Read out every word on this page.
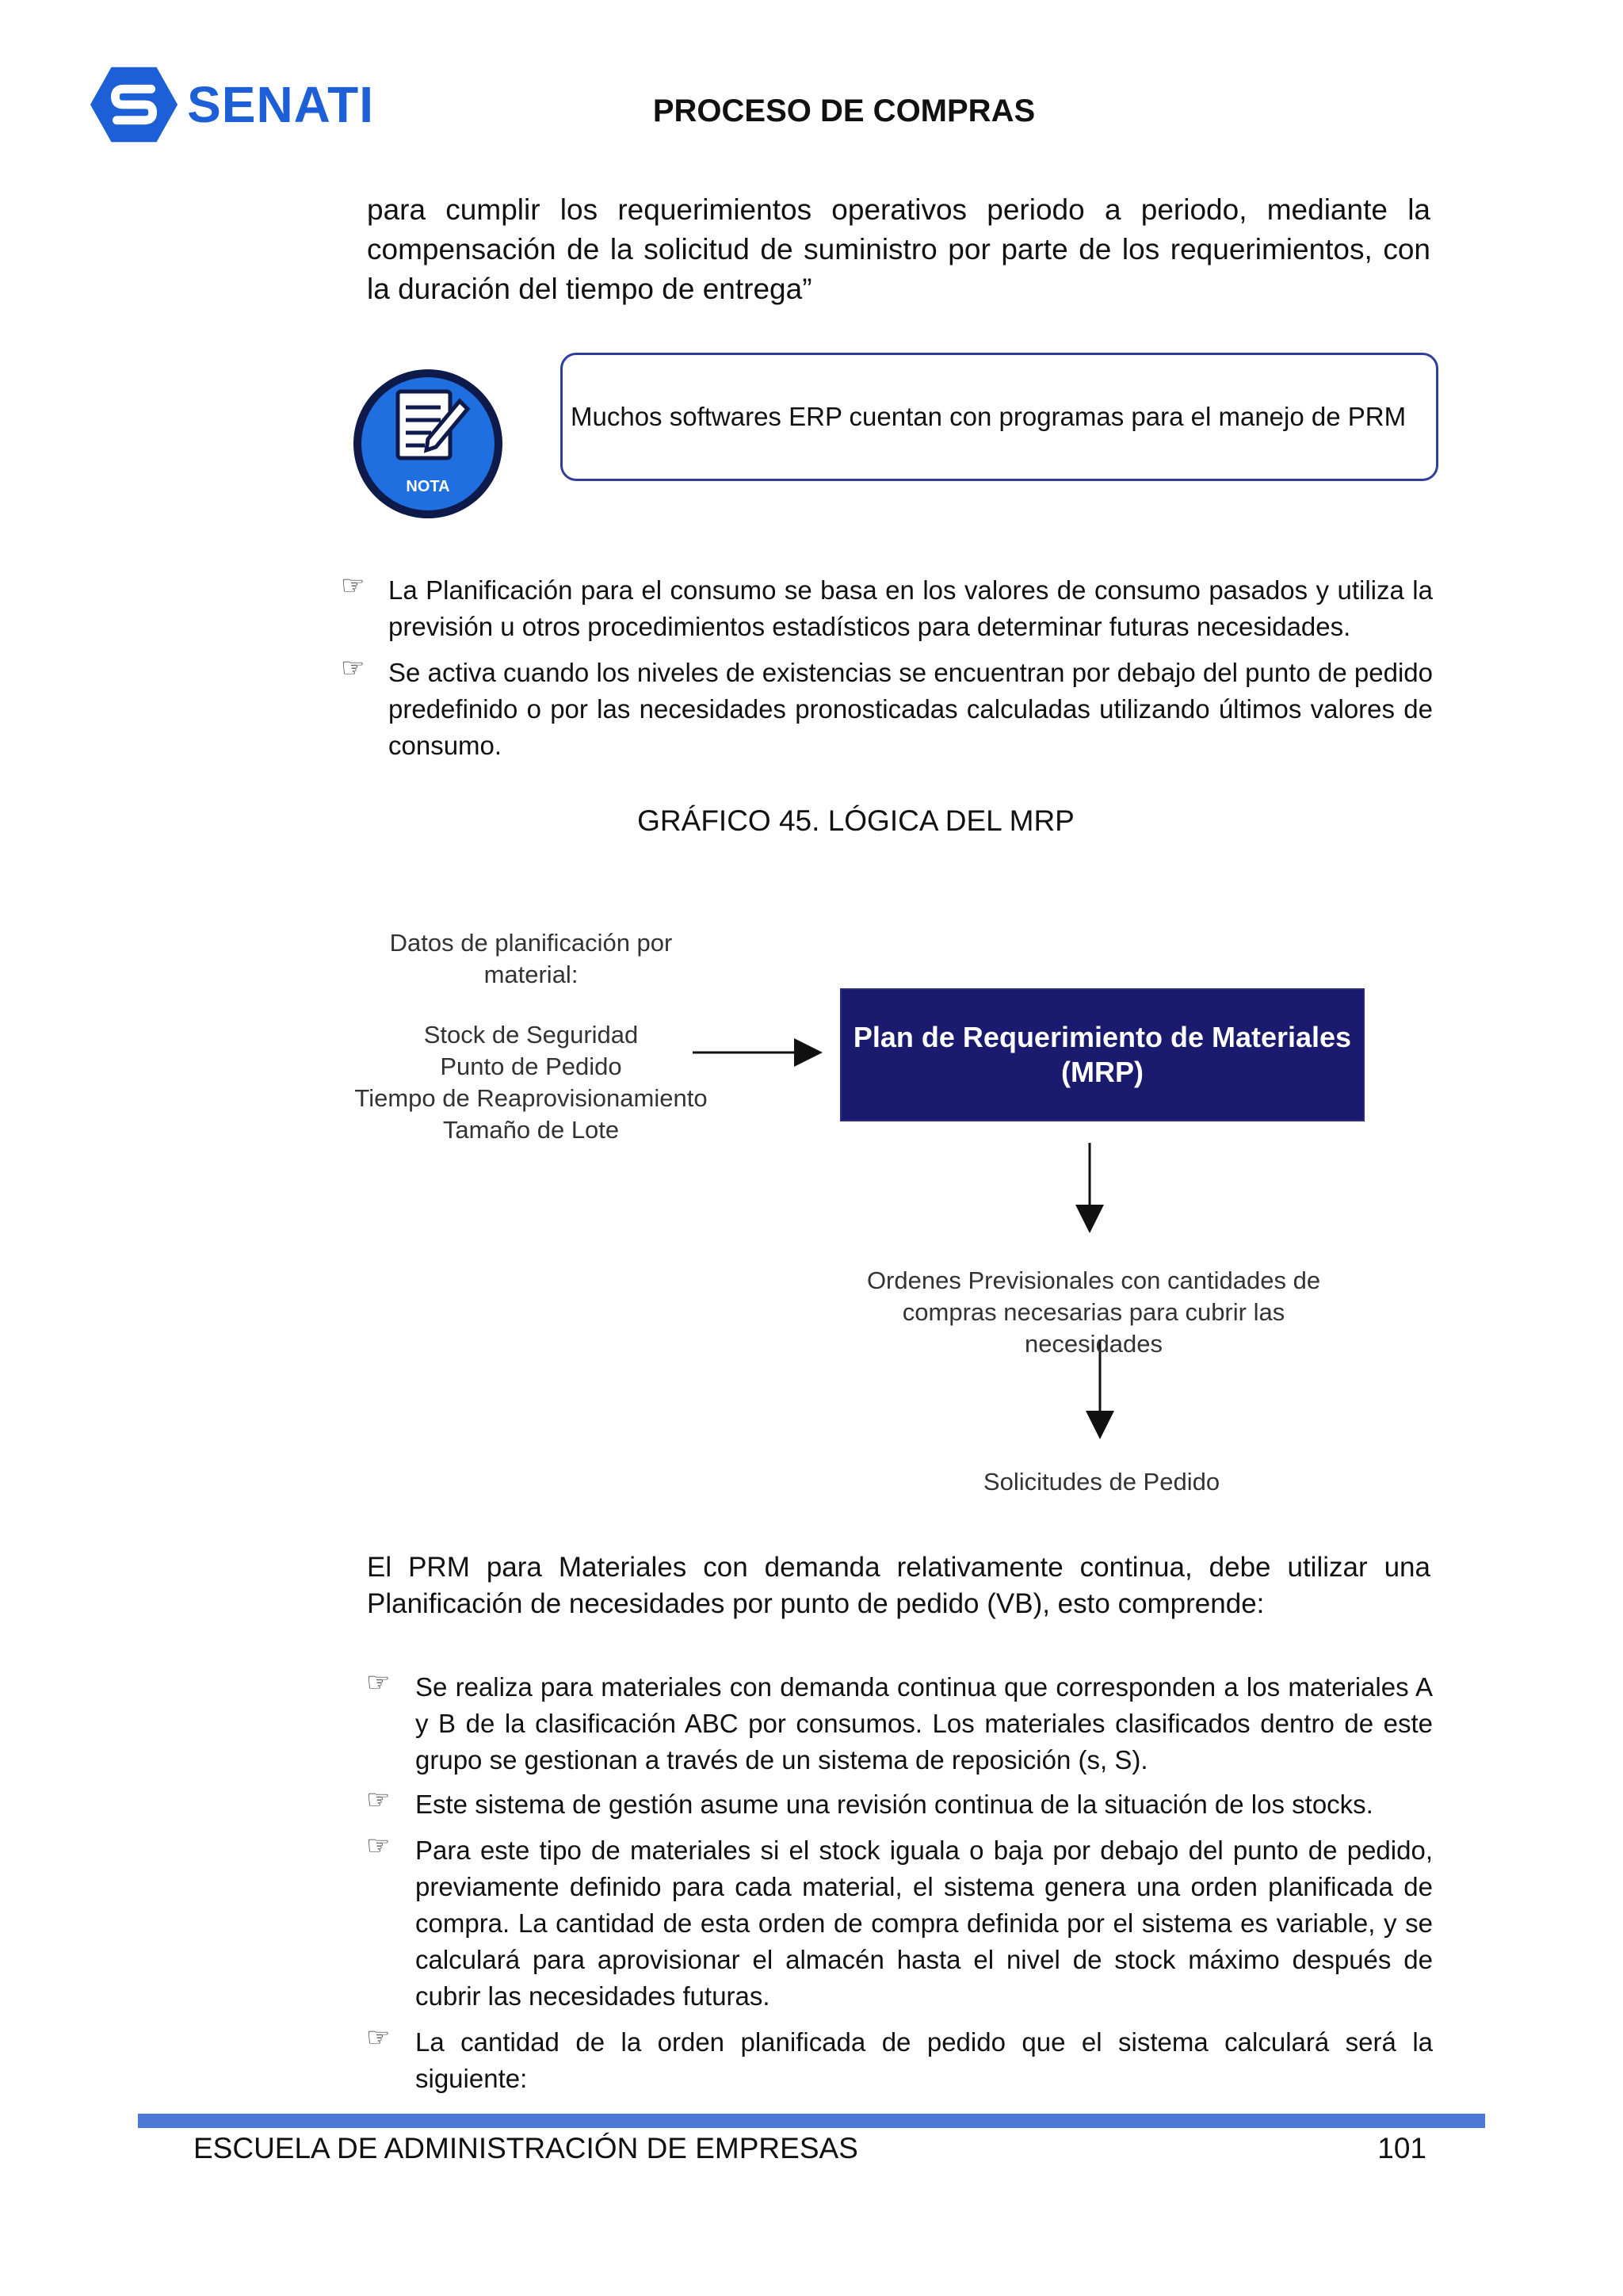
SENATI	PROCESO DE COMPRAS
para cumplir los requerimientos operativos periodo a periodo, mediante la
compensación de la solicitud de suministro por parte de los requerimientos, con
la duración del tiempo de entrega”
NOTA
Muchos softwares ERP cuentan con programas para el manejo de PRM
☞ La Planificación para el consumo se basa en los valores de consumo pasados y utiliza la previsión u otros procedimientos estadísticos para determinar futuras necesidades.
☞ Se activa cuando los niveles de existencias se encuentran por debajo del punto de pedido predefinido o por las necesidades pronosticadas calculadas utilizando últimos valores de consumo.
GRÁFICO 45. LÓGICA DEL MRP
Datos de planificación por
material:
Stock de Seguridad
Punto de Pedido
Tiempo de Reaprovisionamiento
Tamaño de Lote
Plan de Requerimiento de Materiales
(MRP)
Ordenes Previsionales con cantidades de
compras necesarias para cubrir las
necesidades
Solicitudes de Pedido
El PRM para Materiales con demanda relativamente continua, debe utilizar una
Planificación de necesidades por punto de pedido (VB), esto comprende:
☞ Se realiza para materiales con demanda continua que corresponden a los materiales A y B de la clasificación ABC por consumos. Los materiales clasificados dentro de este grupo se gestionan a través de un sistema de reposición (s, S).
☞ Este sistema de gestión asume una revisión continua de la situación de los stocks.
☞ Para este tipo de materiales si el stock iguala o baja por debajo del punto de pedido, previamente definido para cada material, el sistema genera una orden planificada de compra. La cantidad de esta orden de compra definida por el sistema es variable, y se calculará para aprovisionar el almacén hasta el nivel de stock máximo después de cubrir las necesidades futuras.
☞ La cantidad de la orden planificada de pedido que el sistema calculará será la siguiente:
ESCUELA DE ADMINISTRACIÓN DE EMPRESAS	101
